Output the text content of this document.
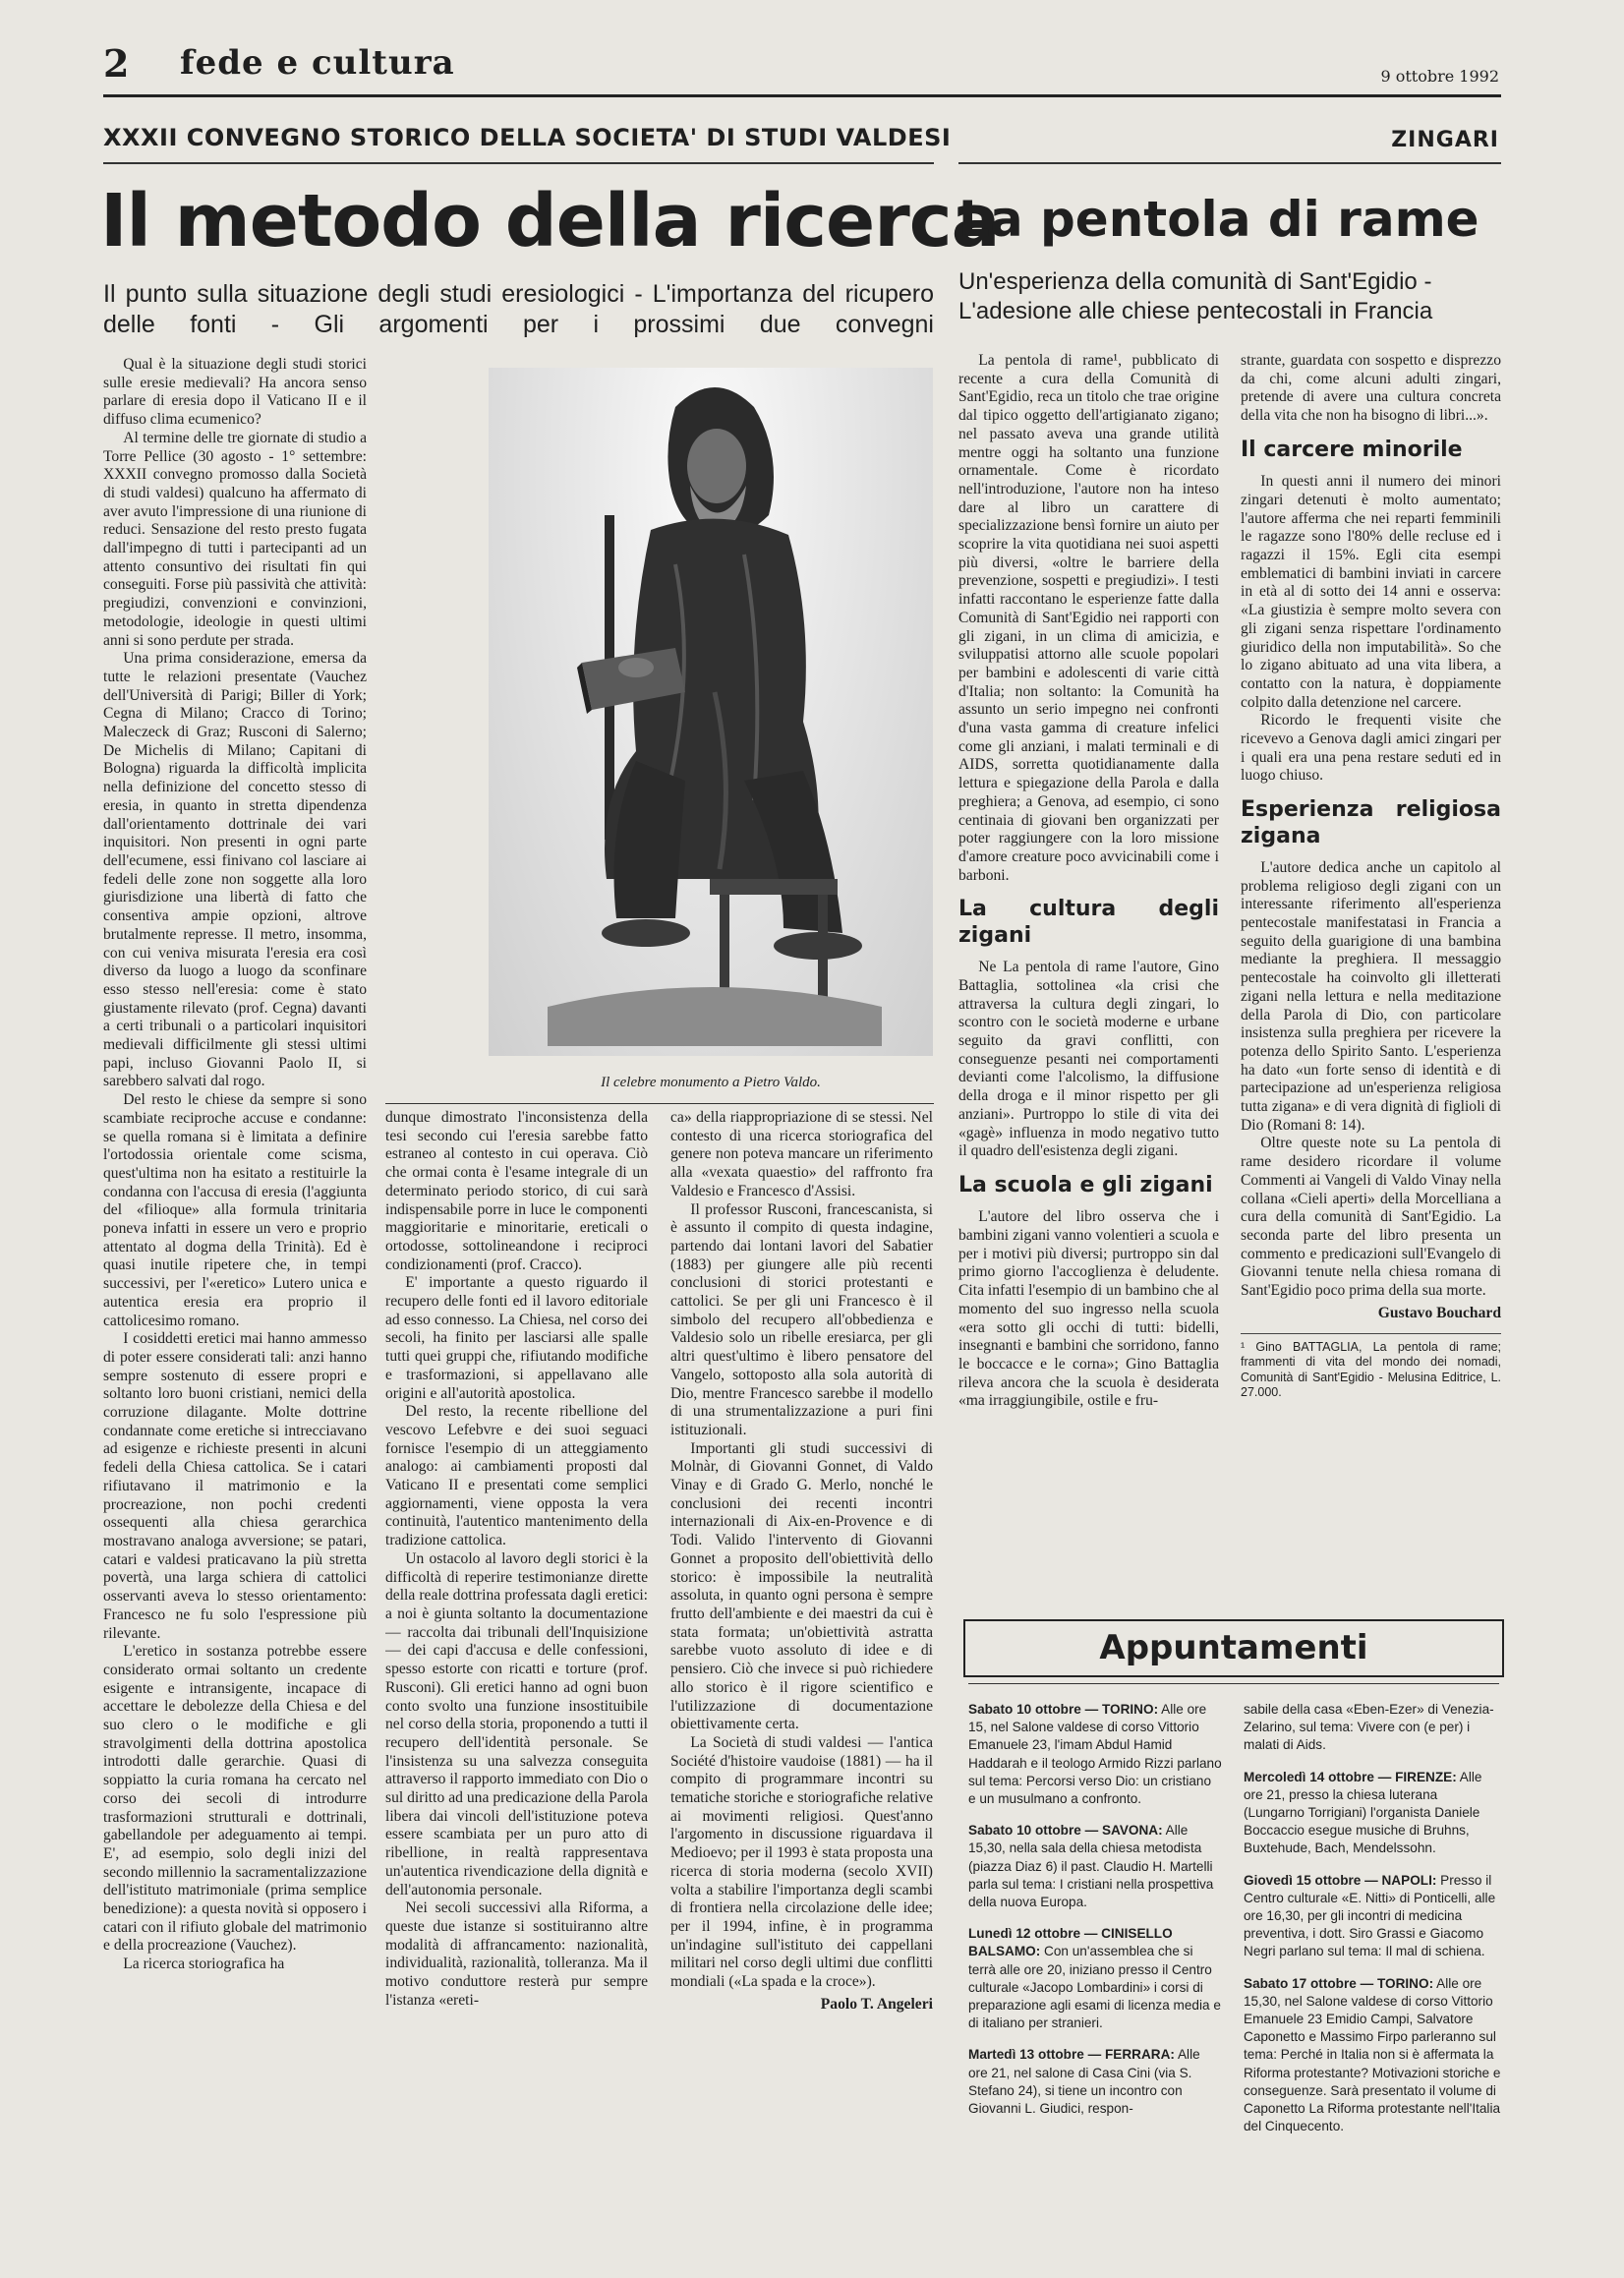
2 fede e cultura	9 ottobre 1992
XXXII CONVEGNO STORICO DELLA SOCIETA' DI STUDI VALDESI	ZINGARI
Il metodo della ricerca
La pentola di rame
Il punto sulla situazione degli studi eresiologici - L'importanza del ricupero delle fonti - Gli argomenti per i prossimi due convegni
Un'esperienza della comunità di Sant'Egidio - L'adesione alle chiese pentecostali in Francia

Qual è la situazione degli studi storici sulle eresie medievali? Ha ancora senso parlare di eresia dopo il Vaticano II e il diffuso clima ecumenico?

Al termine delle tre giornate di studio a Torre Pellice (30 agosto - 1° settembre: XXXII convegno promosso dalla Società di studi valdesi) qualcuno ha affermato di aver avuto l'impressione di una riunione di reduci. Sensazione del resto presto fugata dall'impegno di tutti i partecipanti ad un attento consuntivo dei risultati fin qui conseguiti. Forse più passività che attività: pregiudizi, convenzioni e convinzioni, metodologie, ideologie in questi ultimi anni si sono perdute per strada.

Una prima considerazione, emersa da tutte le relazioni presentate (Vauchez dell'Università di Parigi; Biller di York; Cegna di Milano; Cracco di Torino; Maleczeck di Graz; Rusconi di Salerno; De Michelis di Milano; Capitani di Bologna) riguarda la difficoltà implicita nella definizione del concetto stesso di eresia, in quanto in stretta dipendenza dall'orientamento dottrinale dei vari inquisitori. Non presenti in ogni parte dell'ecumene, essi finivano col lasciare ai fedeli delle zone non soggette alla loro giurisdizione una libertà di fatto che consentiva ampie opzioni, altrove brutalmente represse. Il metro, insomma, con cui veniva misurata l'eresia era così diverso da luogo a luogo da sconfinare esso stesso nell'eresia: come è stato giustamente rilevato (prof. Cegna) davanti a certi tribunali o a particolari inquisitori medievali difficilmente gli stessi ultimi papi, incluso Giovanni Paolo II, si sarebbero salvati dal rogo.

Del resto le chiese da sempre si sono scambiate reciproche accuse e condanne: se quella romana si è limitata a definire l'ortodossia orientale come scisma, quest'ultima non ha esitato a restituirle la condanna con l'accusa di eresia (l'aggiunta del «filioque» alla formula trinitaria poneva infatti in essere un vero e proprio attentato al dogma della Trinità). Ed è quasi inutile ripetere che, in tempi successivi, per l'«eretico» Lutero unica e autentica eresia era proprio il cattolicesimo romano.

I cosiddetti eretici mai hanno ammesso di poter essere considerati tali: anzi hanno sempre sostenuto di essere propri e soltanto loro buoni cristiani, nemici della corruzione dilagante. Molte dottrine condannate come eretiche si intrecciavano ad esigenze e richieste presenti in alcuni fedeli della Chiesa cattolica. Se i catari rifiutavano il matrimonio e la procreazione, non pochi credenti ossequenti alla chiesa gerarchica mostravano analoga avversione; se patari, catari e valdesi praticavano la più stretta povertà, una larga schiera di cattolici osservanti aveva lo stesso orientamento: Francesco ne fu solo l'espressione più rilevante.

L'eretico in sostanza potrebbe essere considerato ormai soltanto un credente esigente e intransigente, incapace di accettare le debolezze della Chiesa e del suo clero o le modifiche e gli stravolgimenti della dottrina apostolica introdotti dalle gerarchie. Quasi di soppiatto la curia romana ha cercato nel corso dei secoli di introdurre trasformazioni strutturali e dottrinali, gabellandole per adeguamento ai tempi. E', ad esempio, solo degli inizi del secondo millennio la sacramentalizzazione dell'istituto matrimoniale (prima semplice benedizione): a questa novità si opposero i catari con il rifiuto globale del matrimonio e della procreazione (Vauchez).

La ricerca storiografica ha

Il celebre monumento a Pietro Valdo.

dunque dimostrato l'inconsistenza della tesi secondo cui l'eresia sarebbe fatto estraneo al contesto in cui operava. Ciò che ormai conta è l'esame integrale di un determinato periodo storico, di cui sarà indispensabile porre in luce le componenti maggioritarie e minoritarie, ereticali o ortodosse, sottolineandone i reciproci condizionamenti (prof. Cracco).

E' importante a questo riguardo il recupero delle fonti ed il lavoro editoriale ad esso connesso. La Chiesa, nel corso dei secoli, ha finito per lasciarsi alle spalle tutti quei gruppi che, rifiutando modifiche e trasformazioni, si appellavano alle origini e all'autorità apostolica.

Del resto, la recente ribellione del vescovo Lefebvre e dei suoi seguaci fornisce l'esempio di un atteggiamento analogo: ai cambiamenti proposti dal Vaticano II e presentati come semplici aggiornamenti, viene opposta la vera continuità, l'autentico mantenimento della tradizione cattolica.

Un ostacolo al lavoro degli storici è la difficoltà di reperire testimonianze dirette della reale dottrina professata dagli eretici: a noi è giunta soltanto la documentazione — raccolta dai tribunali dell'Inquisizione — dei capi d'accusa e delle confessioni, spesso estorte con ricatti e torture (prof. Rusconi). Gli eretici hanno ad ogni buon conto svolto una funzione insostituibile nel corso della storia, proponendo a tutti il recupero dell'identità personale. Se l'insistenza su una salvezza conseguita attraverso il rapporto immediato con Dio o sul diritto ad una predicazione della Parola libera dai vincoli dell'istituzione poteva essere scambiata per un puro atto di ribellione, in realtà rappresentava un'autentica rivendicazione della dignità e dell'autonomia personale.

Nei secoli successivi alla Riforma, a queste due istanze si sostituiranno altre modalità di affrancamento: nazionalità, individualità, razionalità, tolleranza. Ma il motivo conduttore resterà pur sempre l'istanza «ereti-

ca» della riappropriazione di se stessi. Nel contesto di una ricerca storiografica del genere non poteva mancare un riferimento alla «vexata quaestio» del raffronto fra Valdesio e Francesco d'Assisi.

Il professor Rusconi, francescanista, si è assunto il compito di questa indagine, partendo dai lontani lavori del Sabatier (1883) per giungere alle più recenti conclusioni di storici protestanti e cattolici. Se per gli uni Francesco è il simbolo del recupero all'obbedienza e Valdesio solo un ribelle eresiarca, per gli altri quest'ultimo è libero pensatore del Vangelo, sottoposto alla sola autorità di Dio, mentre Francesco sarebbe il modello di una strumentalizzazione a puri fini istituzionali.

Importanti gli studi successivi di Molnàr, di Giovanni Gonnet, di Valdo Vinay e di Grado G. Merlo, nonché le conclusioni dei recenti incontri internazionali di Aix-en-Provence e di Todi. Valido l'intervento di Giovanni Gonnet a proposito dell'obiettività dello storico: è impossibile la neutralità assoluta, in quanto ogni persona è sempre frutto dell'ambiente e dei maestri da cui è stata formata; un'obiettività astratta sarebbe vuoto assoluto di idee e di pensiero. Ciò che invece si può richiedere allo storico è il rigore scientifico e l'utilizzazione di documentazione obiettivamente certa.

La Società di studi valdesi — l'antica Société d'histoire vaudoise (1881) — ha il compito di programmare incontri su tematiche storiche e storiografiche relative ai movimenti religiosi. Quest'anno l'argomento in discussione riguardava il Medioevo; per il 1993 è stata proposta una ricerca di storia moderna (secolo XVII) volta a stabilire l'importanza degli scambi di frontiera nella circolazione delle idee; per il 1994, infine, è in programma un'indagine sull'istituto dei cappellani militari nel corso degli ultimi due conflitti mondiali («La spada e la croce»).

Paolo T. Angeleri

La pentola di rame¹, pubblicato di recente a cura della Comunità di Sant'Egidio, reca un titolo che trae origine dal tipico oggetto dell'artigianato zigano; nel passato aveva una grande utilità mentre oggi ha soltanto una funzione ornamentale. Come è ricordato nell'introduzione, l'autore non ha inteso dare al libro un carattere di specializzazione bensì fornire un aiuto per scoprire la vita quotidiana nei suoi aspetti più diversi, «oltre le barriere della prevenzione, sospetti e pregiudizi». I testi infatti raccontano le esperienze fatte dalla Comunità di Sant'Egidio nei rapporti con gli zigani, in un clima di amicizia, e sviluppatisi attorno alle scuole popolari per bambini e adolescenti di varie città d'Italia; non soltanto: la Comunità ha assunto un serio impegno nei confronti d'una vasta gamma di creature infelici come gli anziani, i malati terminali e di AIDS, sorretta quotidianamente dalla lettura e spiegazione della Parola e dalla preghiera; a Genova, ad esempio, ci sono centinaia di giovani ben organizzati per poter raggiungere con la loro missione d'amore creature poco avvicinabili come i barboni.

La cultura degli zigani

Ne La pentola di rame l'autore, Gino Battaglia, sottolinea «la crisi che attraversa la cultura degli zingari, lo scontro con le società moderne e urbane seguito da gravi conflitti, con conseguenze pesanti nei comportamenti devianti come l'alcolismo, la diffusione della droga e il minor rispetto per gli anziani». Purtroppo lo stile di vita dei «gagè» influenza in modo negativo tutto il quadro dell'esistenza degli zigani.

La scuola e gli zigani

L'autore del libro osserva che i bambini zigani vanno volentieri a scuola e per i motivi più diversi; purtroppo sin dal primo giorno l'accoglienza è deludente. Cita infatti l'esempio di un bambino che al momento del suo ingresso nella scuola «era sotto gli occhi di tutti: bidelli, insegnanti e bambini che sorridono, fanno le boccacce e le corna»; Gino Battaglia rileva ancora che la scuola è desiderata «ma irraggiungibile, ostile e fru-

strante, guardata con sospetto e disprezzo da chi, come alcuni adulti zingari, pretende di avere una cultura concreta della vita che non ha bisogno di libri...».

Il carcere minorile

In questi anni il numero dei minori zingari detenuti è molto aumentato; l'autore afferma che nei reparti femminili le ragazze sono l'80% delle recluse ed i ragazzi il 15%. Egli cita esempi emblematici di bambini inviati in carcere in età al di sotto dei 14 anni e osserva: «La giustizia è sempre molto severa con gli zigani senza rispettare l'ordinamento giuridico della non imputabilità». So che lo zigano abituato ad una vita libera, a contatto con la natura, è doppiamente colpito dalla detenzione nel carcere.

Ricordo le frequenti visite che ricevevo a Genova dagli amici zingari per i quali era una pena restare seduti ed in luogo chiuso.

Esperienza religiosa zigana

L'autore dedica anche un capitolo al problema religioso degli zigani con un interessante riferimento all'esperienza pentecostale manifestatasi in Francia a seguito della guarigione di una bambina mediante la preghiera. Il messaggio pentecostale ha coinvolto gli illetterati zigani nella lettura e nella meditazione della Parola di Dio, con particolare insistenza sulla preghiera per ricevere la potenza dello Spirito Santo. L'esperienza ha dato «un forte senso di identità e di partecipazione ad un'esperienza religiosa tutta zigana» e di vera dignità di figlioli di Dio (Romani 8: 14).

Oltre queste note su La pentola di rame desidero ricordare il volume Commenti ai Vangeli di Valdo Vinay nella collana «Cieli aperti» della Morcelliana a cura della comunità di Sant'Egidio. La seconda parte del libro presenta un commento e predicazioni sull'Evangelo di Giovanni tenute nella chiesa romana di Sant'Egidio poco prima della sua morte.

Gustavo Bouchard
¹ Gino BATTAGLIA, La pentola di rame; frammenti di vita del mondo dei nomadi, Comunità di Sant'Egidio - Melusina Editrice, L. 27.000.
Appuntamenti

Sabato 10 ottobre — TORINO: Alle ore 15, nel Salone valdese di corso Vittorio Emanuele 23, l'imam Abdul Hamid Haddarah e il teologo Armido Rizzi parlano sul tema: Percorsi verso Dio: un cristiano e un musulmano a confronto.

Sabato 10 ottobre — SAVONA: Alle 15,30, nella sala della chiesa metodista (piazza Diaz 6) il past. Claudio H. Martelli parla sul tema: I cristiani nella prospettiva della nuova Europa.

Lunedì 12 ottobre — CINISELLO BALSAMO: Con un'assemblea che si terrà alle ore 20, iniziano presso il Centro culturale «Jacopo Lombardini» i corsi di preparazione agli esami di licenza media e di italiano per stranieri.

Martedì 13 ottobre — FERRARA: Alle ore 21, nel salone di Casa Cini (via S. Stefano 24), si tiene un incontro con Giovanni L. Giudici, respon-

sabile della casa «Eben-Ezer» di Venezia-Zelarino, sul tema: Vivere con (e per) i malati di Aids.

Mercoledì 14 ottobre — FIRENZE: Alle ore 21, presso la chiesa luterana (Lungarno Torrigiani) l'organista Daniele Boccaccio esegue musiche di Bruhns, Buxtehude, Bach, Mendelssohn.

Giovedì 15 ottobre — NAPOLI: Presso il Centro culturale «E. Nitti» di Ponticelli, alle ore 16,30, per gli incontri di medicina preventiva, i dott. Siro Grassi e Giacomo Negri parlano sul tema: Il mal di schiena.

Sabato 17 ottobre — TORINO: Alle ore 15,30, nel Salone valdese di corso Vittorio Emanuele 23 Emidio Campi, Salvatore Caponetto e Massimo Firpo parleranno sul tema: Perché in Italia non si è affermata la Riforma protestante? Motivazioni storiche e conseguenze. Sarà presentato il volume di Caponetto La Riforma protestante nell'Italia del Cinquecento.
